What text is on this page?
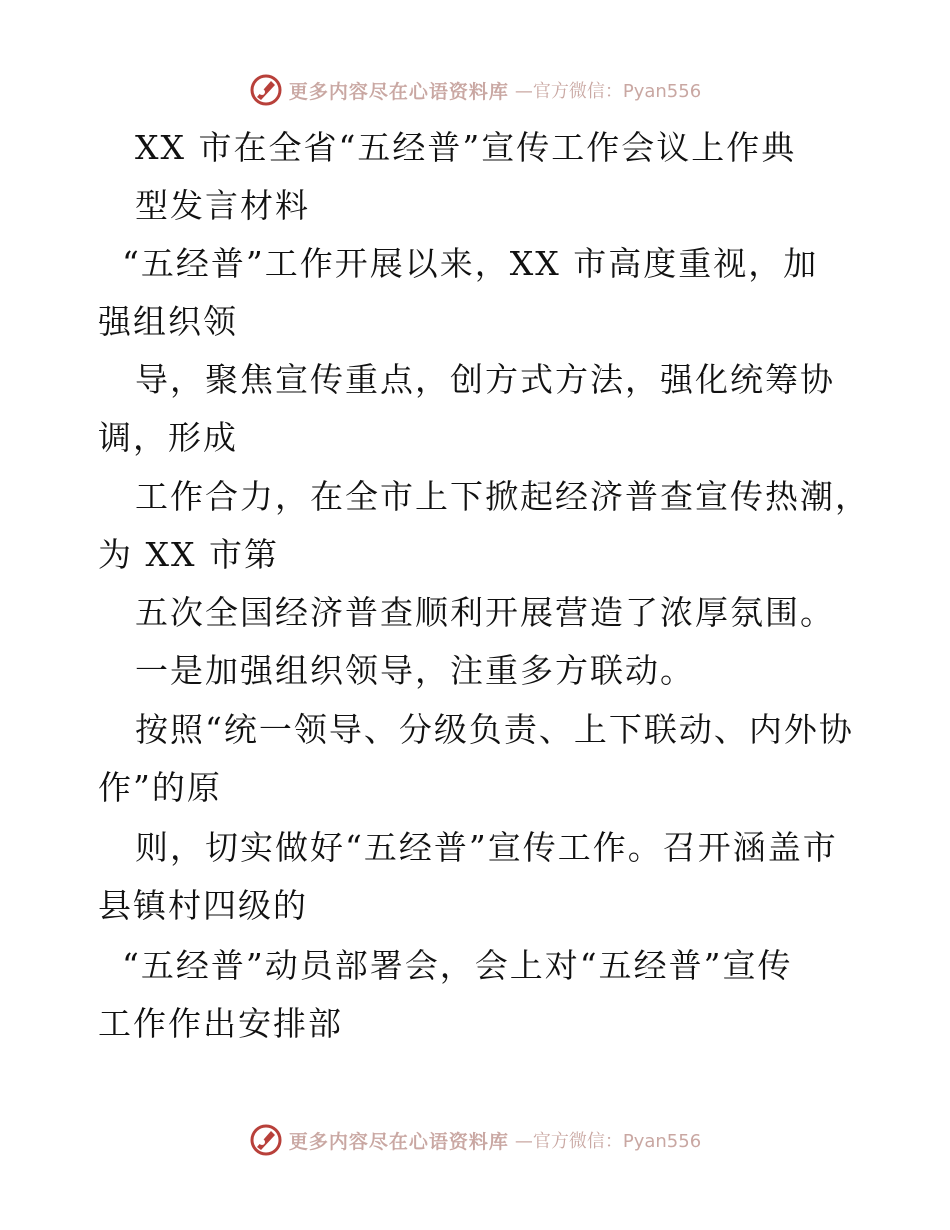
更多内容尽在心语资料库 —官方微信：Pyan556
XX 市在全省“五经普”宣传工作会议上作典
型发言材料
“五经普”工作开展以来，XX 市高度重视，加
强组织领
导，聚焦宣传重点，创方式方法，强化统筹协
调，形成
工作合力，在全市上下掀起经济普查宣传热潮，
为 XX 市第
五次全国经济普查顺利开展营造了浓厚氛围。
一是加强组织领导，注重多方联动。
按照“统一领导、分级负责、上下联动、内外协
作”的原
则，切实做好“五经普”宣传工作。召开涵盖市
县镇村四级的
“五经普”动员部署会，会上对“五经普”宣传
工作作出安排部
更多内容尽在心语资料库 —官方微信：Pyan556
